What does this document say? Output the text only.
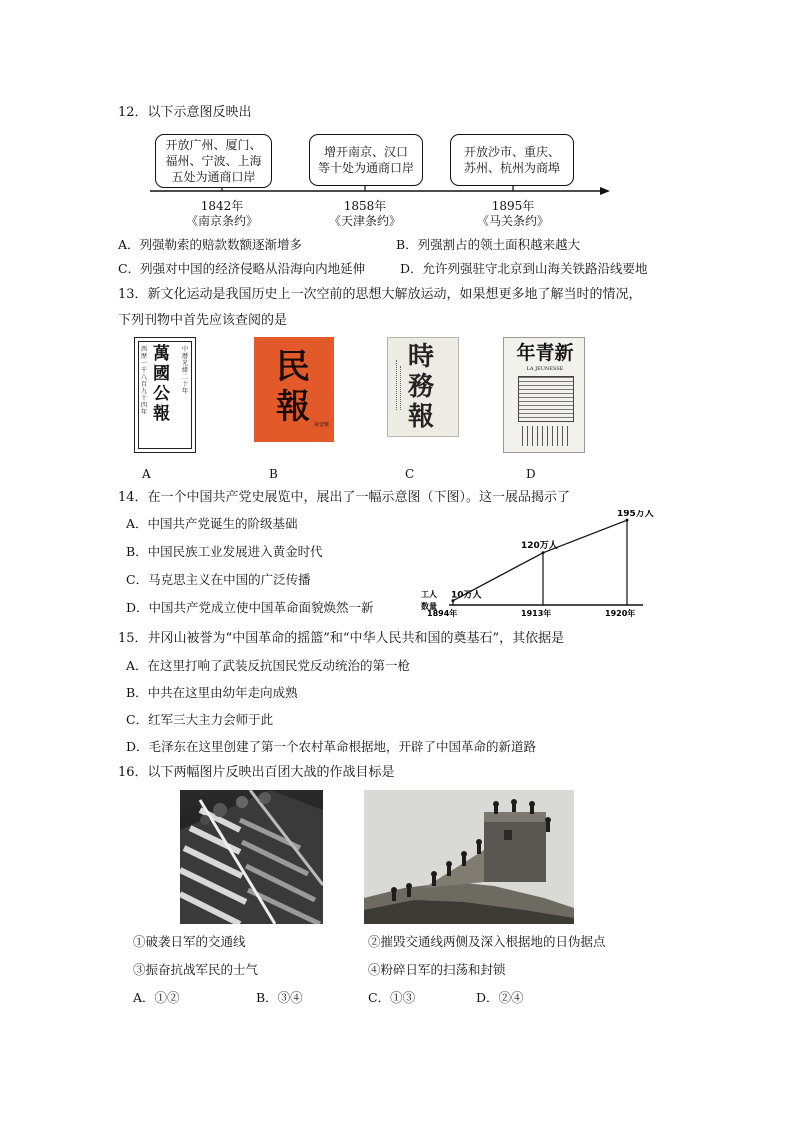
12．以下示意图反映出
开放广州、厦门、
福州、宁波、上海
五处为通商口岸
增开南京、汉口
等十处为通商口岸
开放沙市、重庆、
苏州、杭州为商埠
1842年
《南京条约》
1858年
《天津条约》
1895年
《马关条约》
A．列强勒索的赔款数额逐渐增多	B．列强割占的领土面积越来越大
C．列强对中国的经济侵略从沿海向内地延伸	D．允许列强驻守北京到山海关铁路沿线要地
13．新文化运动是我国历史上一次空前的思想大解放运动，如果想更多地了解当时的情况，
下列刊物中首先应该查阅的是
西歷一千八百九十四年
萬國公報
中曆光緒二十年
A
民報 第壹號
B
時務報
C
新青年
LA JEUNESSE
D
14．在一个中国共产党史展览中，展出了一幅示意图（下图）。这一展品揭示了
A．中国共产党诞生的阶级基础
B．中国民族工业发展进入黄金时代
C．马克思主义在中国的广泛传播
D．中国共产党成立使中国革命面貌焕然一新
10万人
120万人
195万人
1894年	1913年	1920年
工人
数量
15．井冈山被誉为“中国革命的摇篮”和“中华人民共和国的奠基石”，其依据是
A．在这里打响了武装反抗国民党反动统治的第一枪
B．中共在这里由幼年走向成熟
C．红军三大主力会师于此
D．毛泽东在这里创建了第一个农村革命根据地，开辟了中国革命的新道路
16．以下两幅图片反映出百团大战的作战目标是
①破袭日军的交通线	②摧毁交通线两侧及深入根据地的日伪据点
③振奋抗战军民的士气	④粉碎日军的扫荡和封锁
A．①②	B．③④	C．①③	D．②④
